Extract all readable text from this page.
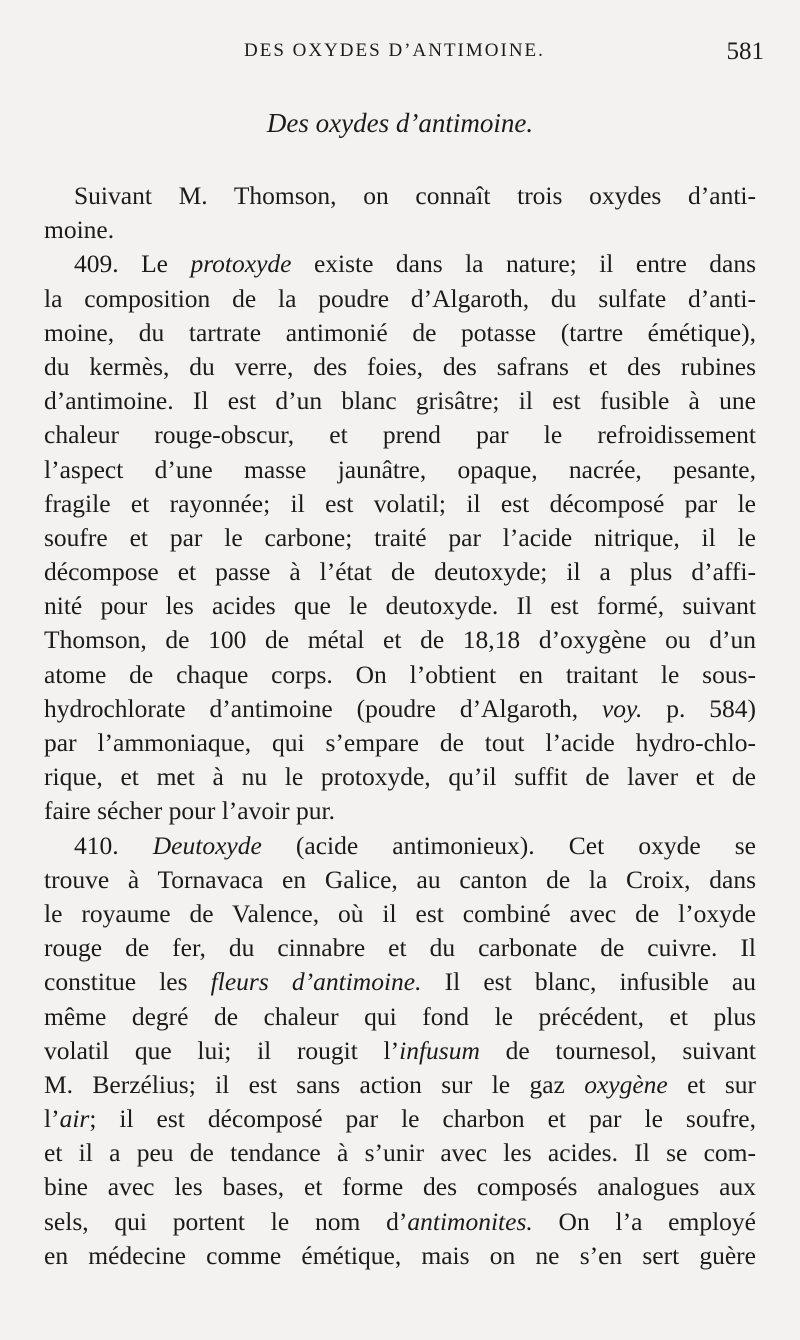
DES OXYDES D’ANTIMOINE.	581
Des oxydes d’antimoine.
Suivant M. Thomson, on connaît trois oxydes d’anti-
moine.
409. Le protoxyde existe dans la nature; il entre dans
la composition de la poudre d’Algaroth, du sulfate d’anti-
moine, du tartrate antimonié de potasse (tartre émétique),
du kermès, du verre, des foies, des safrans et des rubines
d’antimoine. Il est d’un blanc grisâtre; il est fusible à une
chaleur rouge-obscur, et prend par le refroidissement
l’aspect d’une masse jaunâtre, opaque, nacrée, pesante,
fragile et rayonnée; il est volatil; il est décomposé par le
soufre et par le carbone; traité par l’acide nitrique, il le
décompose et passe à l’état de deutoxyde; il a plus d’affi-
nité pour les acides que le deutoxyde. Il est formé, suivant
Thomson, de 100 de métal et de 18,18 d’oxygène ou d’un
atome de chaque corps. On l’obtient en traitant le sous-
hydrochlorate d’antimoine (poudre d’Algaroth, voy. p. 584)
par l’ammoniaque, qui s’empare de tout l’acide hydro-chlo-
rique, et met à nu le protoxyde, qu’il suffit de laver et de
faire sécher pour l’avoir pur.
410. Deutoxyde (acide antimonieux). Cet oxyde se
trouve à Tornavaca en Galice, au canton de la Croix, dans
le royaume de Valence, où il est combiné avec de l’oxyde
rouge de fer, du cinnabre et du carbonate de cuivre. Il
constitue les fleurs d’antimoine. Il est blanc, infusible au
même degré de chaleur qui fond le précédent, et plus
volatil que lui; il rougit l’infusum de tournesol, suivant
M. Berzélius; il est sans action sur le gaz oxygène et sur
l’air; il est décomposé par le charbon et par le soufre,
et il a peu de tendance à s’unir avec les acides. Il se com-
bine avec les bases, et forme des composés analogues aux
sels, qui portent le nom d’antimonites. On l’a employé
en médecine comme émétique, mais on ne s’en sert guère
